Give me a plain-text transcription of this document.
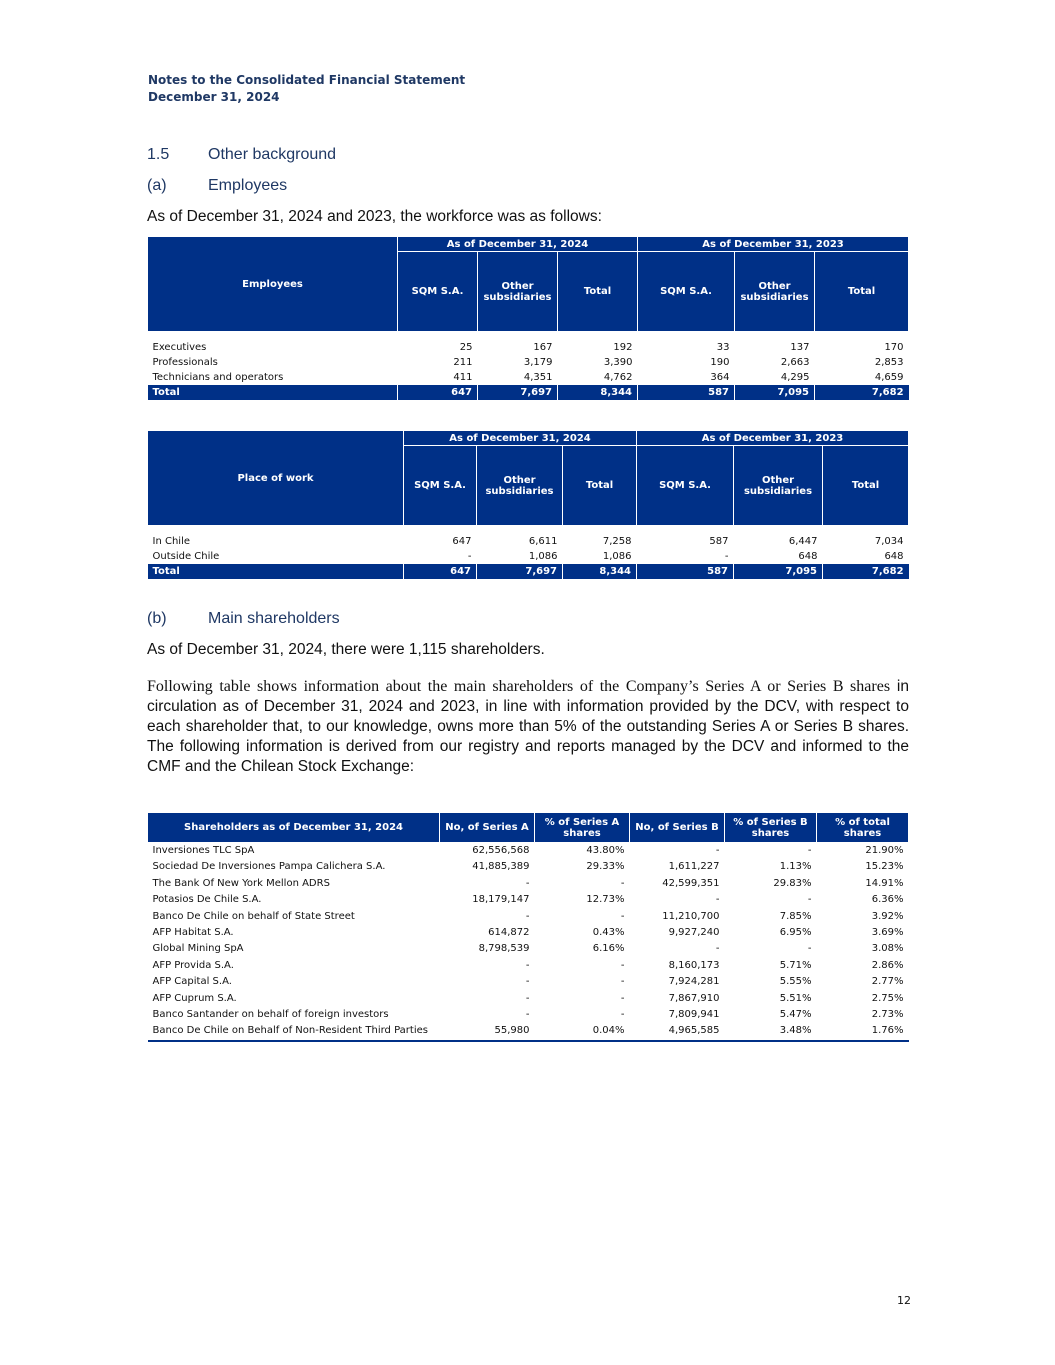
Notes to the Consolidated Financial Statement
December 31, 2024
1.5 Other background
(a)	Employees
As of December 31, 2024 and 2023, the workforce was as follows:
Employees	As of December 31, 2024			As of December 31, 2023		
	SQM S.A.	Other subsidiaries	Total	SQM S.A.	Other subsidiaries	Total

Executives	25	167	192	33	137	170
Professionals	211	3,179	3,390	190	2,663	2,853
Technicians and operators	411	4,351	4,762	364	4,295	4,659
Total	647	7,697	8,344	587	7,095	7,682
Place of work	As of December 31, 2024			As of December 31, 2023		
	SQM S.A.	Other subsidiaries	Total	SQM S.A.	Other subsidiaries	Total

In Chile	647	6,611	7,258	587	6,447	7,034
Outside Chile	-	1,086	1,086	-	648	648
Total	647	7,697	8,344	587	7,095	7,682
(b)	Main shareholders
As of December 31, 2024, there were 1,115 shareholders.
Following table shows information about the main shareholders of the Company’s Series A or Series B shares in circulation as of December 31, 2024 and 2023, in line with information provided by the DCV, with respect to each shareholder that, to our knowledge, owns more than 5% of the outstanding Series A or Series B shares. The following information is derived from our registry and reports managed by the DCV and informed to the CMF and the Chilean Stock Exchange:
Shareholders as of December 31, 2024	No, of Series A	% of Series A shares	No, of Series B	% of Series B shares	% of total shares
Inversiones TLC SpA	62,556,568	43.80%	-	-	21.90%
Sociedad De Inversiones Pampa Calichera S.A.	41,885,389	29.33%	1,611,227	1.13%	15.23%
The Bank Of New York Mellon ADRS	-	-	42,599,351	29.83%	14.91%
Potasios De Chile S.A.	18,179,147	12.73%	-	-	6.36%
Banco De Chile on behalf of State Street	-	-	11,210,700	7.85%	3.92%
AFP Habitat S.A.	614,872	0.43%	9,927,240	6.95%	3.69%
Global Mining SpA	8,798,539	6.16%	-	-	3.08%
AFP Provida S.A.	-	-	8,160,173	5.71%	2.86%
AFP Capital S.A.	-	-	7,924,281	5.55%	2.77%
AFP Cuprum S.A.	-	-	7,867,910	5.51%	2.75%
Banco Santander on behalf of foreign investors	-	-	7,809,941	5.47%	2.73%
Banco De Chile on Behalf of Non-Resident Third Parties	55,980	0.04%	4,965,585	3.48%	1.76%
12
